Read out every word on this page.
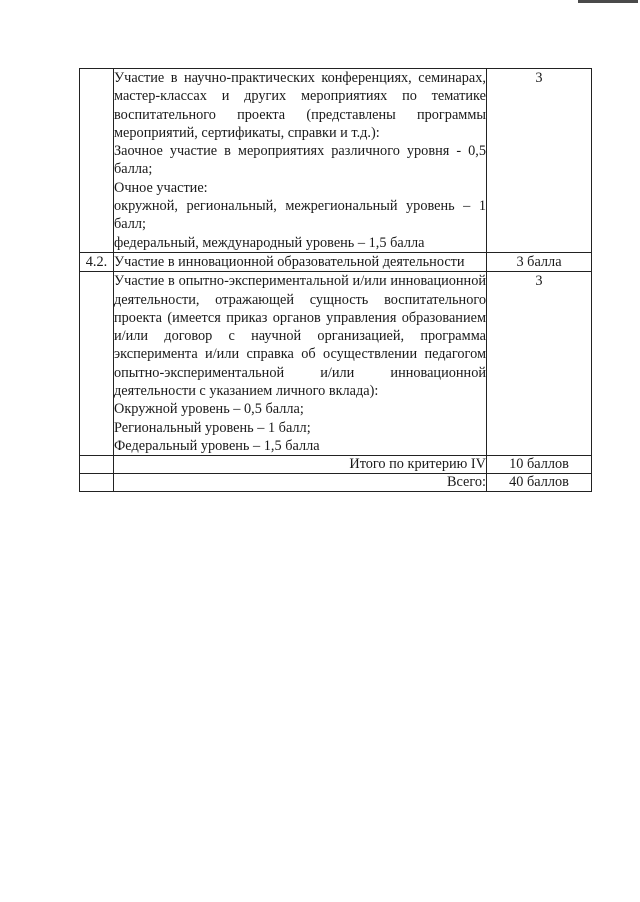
	Участие в научно-практических конференциях, семинарах, мастер-классах и других мероприятиях по тематике воспитательного проекта (представлены программы мероприятий, сертификаты, справки и т.д.):
Заочное участие в мероприятиях различного уровня - 0,5 балла;
Очное участие:
окружной, региональный, межрегиональный уровень – 1 балл;
федеральный, международный уровень – 1,5 балла	3
4.2.	Участие в инновационной образовательной деятельности	3 балла

	Участие в опытно-экспериментальной и/или инновационной деятельности, отражающей сущность воспитательного проекта (имеется приказ органов управления образованием и/или договор с научной организацией, программа эксперимента и/или справка об осуществлении педагогом опытно-экспериментальной и/или инновационной деятельности с указанием личного вклада):
Окружной уровень – 0,5 балла;
Региональный уровень – 1 балл;
Федеральный уровень – 1,5 балла	3
	Итого по критерию IV	10 баллов
	Всего:	40 баллов
